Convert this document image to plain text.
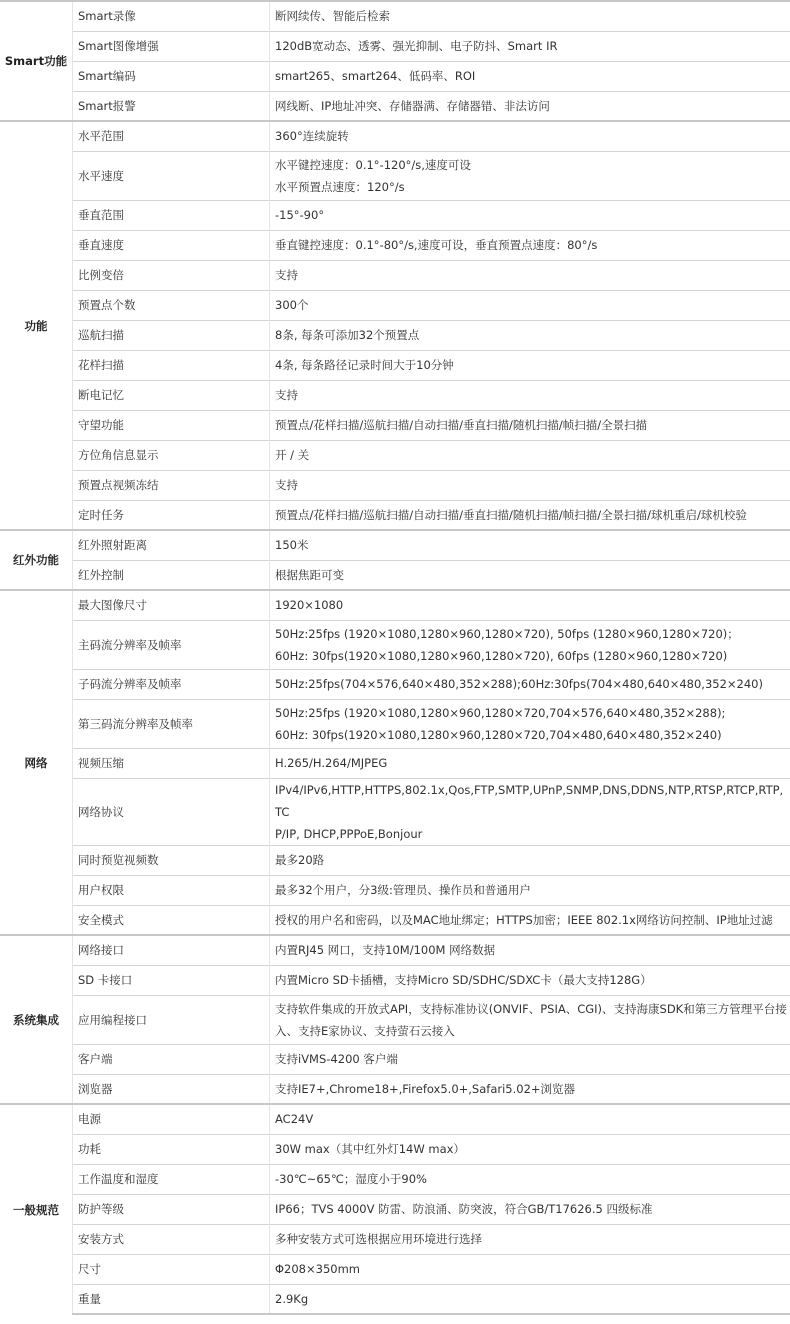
Smart功能	Smart录像	断网续传、智能后检索

	Smart图像增强	120dB宽动态、透雾、强光抑制、电子防抖、Smart IR

	Smart编码	smart265、smart264、低码率、ROI

	Smart报警	网线断、IP地址冲突、存储器满、存储器错、非法访问

功能	水平范围	360°连续旋转

	水平速度	水平键控速度：0.1°-120°/s,速度可设
水平预置点速度：120°/s

	垂直范围	-15°-90°

	垂直速度	垂直键控速度：0.1°-80°/s,速度可设，垂直预置点速度：80°/s

	比例变倍	支持

	预置点个数	300个

	巡航扫描	8条, 每条可添加32个预置点

	花样扫描	4条, 每条路径记录时间大于10分钟

	断电记忆	支持

	守望功能	预置点/花样扫描/巡航扫描/自动扫描/垂直扫描/随机扫描/帧扫描/全景扫描

	方位角信息显示	开 / 关

	预置点视频冻结	支持

	定时任务	预置点/花样扫描/巡航扫描/自动扫描/垂直扫描/随机扫描/帧扫描/全景扫描/球机重启/球机校验

红外功能	红外照射距离	150米

	红外控制	根据焦距可变

网络	最大图像尺寸	1920×1080

	主码流分辨率及帧率	50Hz:25fps (1920×1080,1280×960,1280×720), 50fps (1280×960,1280×720)；
60Hz: 30fps(1920×1080,1280×960,1280×720), 60fps (1280×960,1280×720)

	子码流分辨率及帧率	50Hz:25fps(704×576,640×480,352×288);60Hz:30fps(704×480,640×480,352×240)

	第三码流分辨率及帧率	50Hz:25fps (1920×1080,1280×960,1280×720,704×576,640×480,352×288);
60Hz: 30fps(1920×1080,1280×960,1280×720,704×480,640×480,352×240)

	视频压缩	H.265/H.264/MJPEG

	网络协议	IPv4/IPv6,HTTP,HTTPS,802.1x,Qos,FTP,SMTP,UPnP,SNMP,DNS,DDNS,NTP,RTSP,RTCP,RTP,TC
P/IP, DHCP,PPPoE,Bonjour

	同时预览视频数	最多20路

	用户权限	最多32个用户，分3级:管理员、操作员和普通用户

	安全模式	授权的用户名和密码，以及MAC地址绑定；HTTPS加密；IEEE 802.1x网络访问控制、IP地址过滤

系统集成	网络接口	内置RJ45 网口，支持10M/100M 网络数据

	SD 卡接口	内置Micro SD卡插槽，支持Micro SD/SDHC/SDXC卡（最大支持128G）

	应用编程接口	支持软件集成的开放式API，支持标准协议(ONVIF、PSIA、CGI)、支持海康SDK和第三方管理平台接
入、支持E家协议、支持萤石云接入

	客户端	支持iVMS-4200 客户端

	浏览器	支持IE7+,Chrome18+,Firefox5.0+,Safari5.02+浏览器

一般规范	电源	AC24V

	功耗	30W max（其中红外灯14W max）

	工作温度和湿度	-30℃~65℃；湿度小于90%

	防护等级	IP66；TVS 4000V 防雷、防浪涌、防突波，符合GB/T17626.5 四级标准

	安装方式	多种安装方式可选根据应用环境进行选择

	尺寸	Φ208×350mm

	重量	2.9Kg
